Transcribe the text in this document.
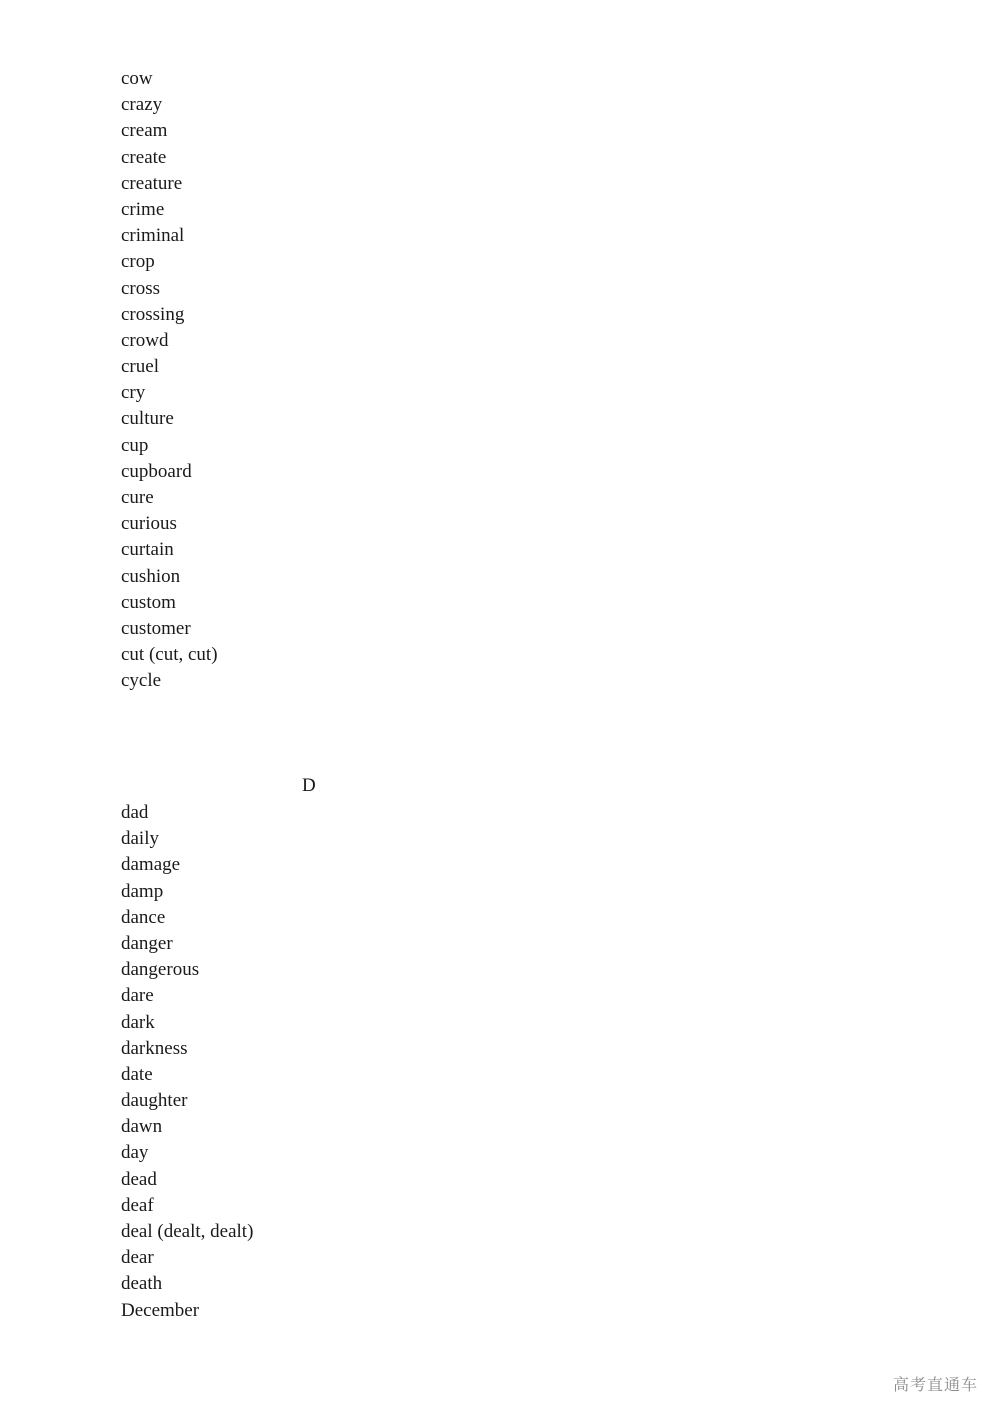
cow
crazy
cream
create
creature
crime
criminal
crop
cross
crossing
crowd
cruel
cry
culture
cup
cupboard
cure
curious
curtain
cushion
custom
customer
cut (cut, cut)
cycle
D
dad
daily
damage
damp
dance
danger
dangerous
dare
dark
darkness
date
daughter
dawn
day
dead
deaf
deal (dealt, dealt)
dear
death
December
高考直通车
